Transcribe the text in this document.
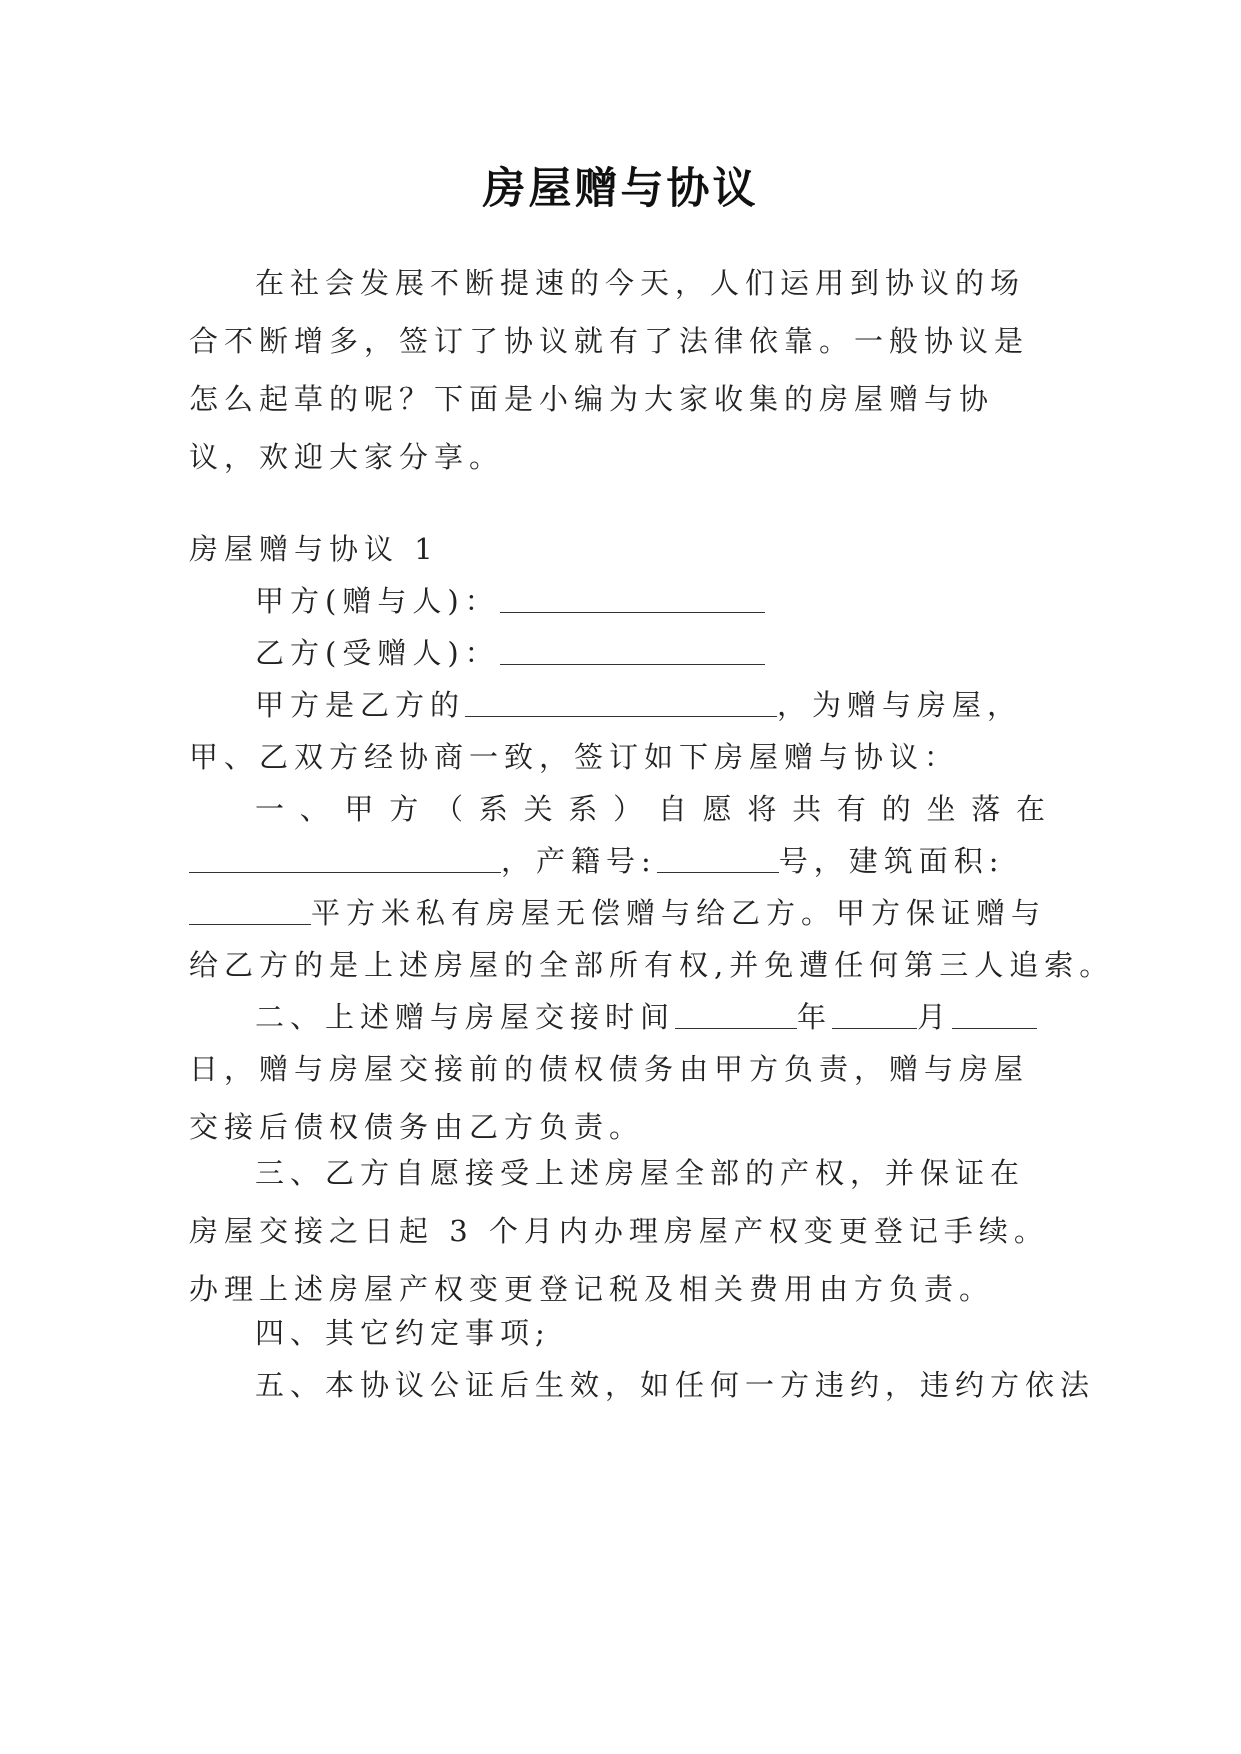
房屋赠与协议
在社会发展不断提速的今天，人们运用到协议的场合不断增多，签订了协议就有了法律依靠。一般协议是怎么起草的呢？下面是小编为大家收集的房屋赠与协议，欢迎大家分享。
房屋赠与协议 1
甲方(赠与人)：
乙方(受赠人)：
甲方是乙方的	，为赠与房屋，
甲、乙双方经协商一致，签订如下房屋赠与协议：
一、甲方（系关系）自愿将共有的坐落在
，产籍号:	号，建筑面积:
平方米私有房屋无偿赠与给乙方。甲方保证赠与
给乙方的是上述房屋的全部所有权,并免遭任何第三人追索。
二、上述赠与房屋交接时间	年	月
日，赠与房屋交接前的债权债务由甲方负责，赠与房屋交接后债权债务由乙方负责。
三、乙方自愿接受上述房屋全部的产权，并保证在房屋交接之日起 3 个月内办理房屋产权变更登记手续。办理上述房屋产权变更登记税及相关费用由方负责。
四、其它约定事项;
五、本协议公证后生效，如任何一方违约，违约方依法
